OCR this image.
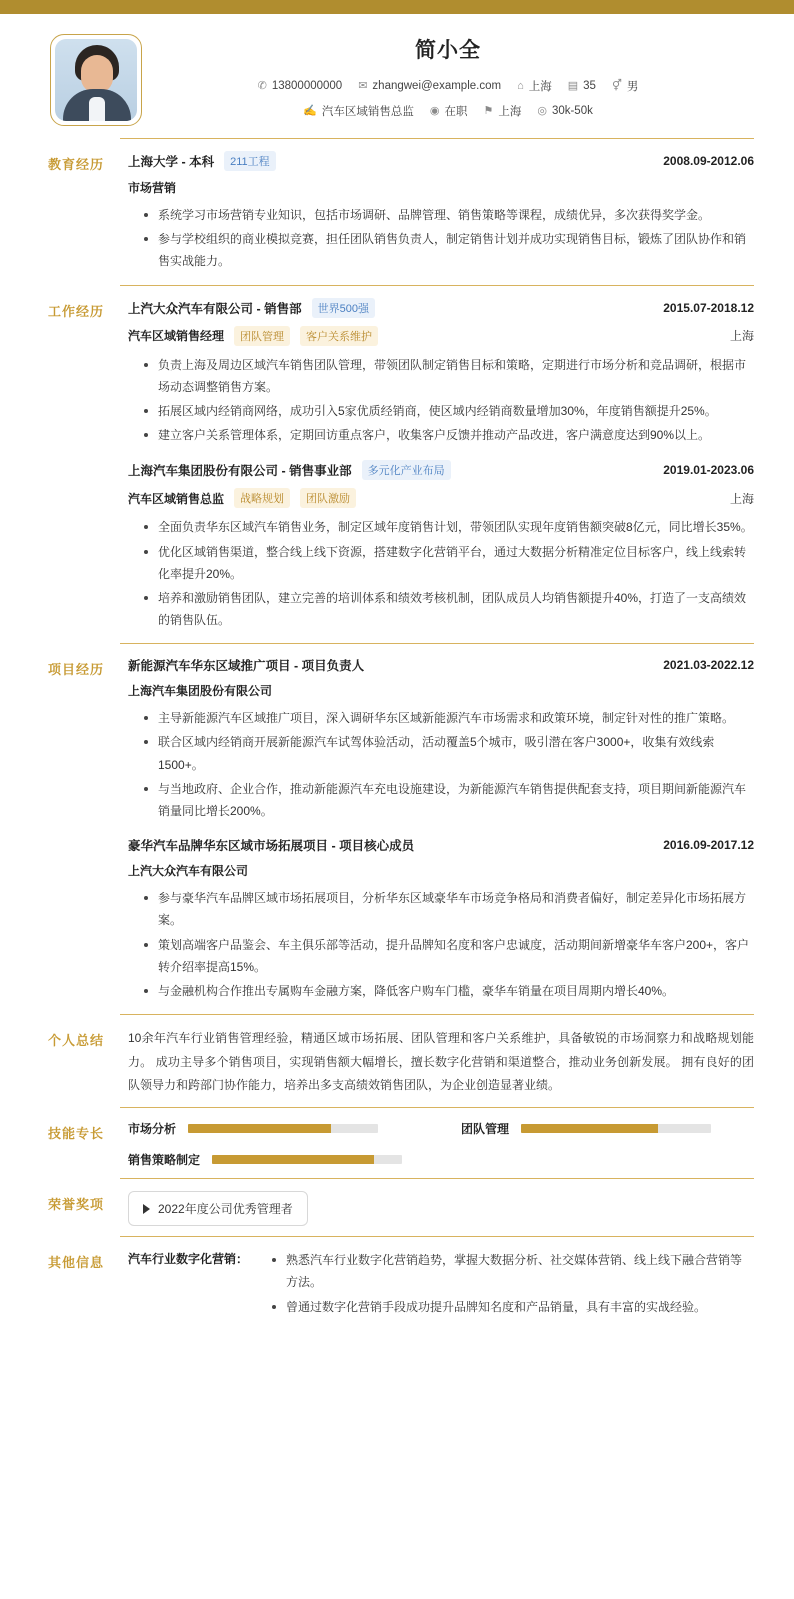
简小全
✆ 13800000000 ✉ zhangwei@example.com ⌂ 上海 ▤ 35 ⚥ 男
✍ 汽车区域销售总监 ◉ 在职 ⚑ 上海 ◎ 30k-50k
教育经历	上海大学 - 本科	211工程	2008.09-2012.06
市场营销
系统学习市场营销专业知识，包括市场调研、品牌管理、销售策略等课程，成绩优异，多次获得奖学金。
参与学校组织的商业模拟竞赛，担任团队销售负责人，制定销售计划并成功实现销售目标，锻炼了团队协作和销售实战能力。
工作经历	上汽大众汽车有限公司 - 销售部	世界500强	2015.07-2018.12
汽车区域销售经理	团队管理	客户关系维护	上海
负责上海及周边区域汽车销售团队管理，带领团队制定销售目标和策略，定期进行市场分析和竞品调研，根据市场动态调整销售方案。
拓展区域内经销商网络，成功引入5家优质经销商，使区域内经销商数量增加30%，年度销售额提升25%。
建立客户关系管理体系，定期回访重点客户，收集客户反馈并推动产品改进，客户满意度达到90%以上。
上海汽车集团股份有限公司 - 销售事业部	多元化产业布局	2019.01-2023.06
汽车区域销售总监	战略规划	团队激励	上海
全面负责华东区域汽车销售业务，制定区域年度销售计划，带领团队实现年度销售额突破8亿元，同比增长35%。
优化区域销售渠道，整合线上线下资源，搭建数字化营销平台，通过大数据分析精准定位目标客户，线上线索转化率提升20%。
培养和激励销售团队，建立完善的培训体系和绩效考核机制，团队成员人均销售额提升40%，打造了一支高绩效的销售队伍。
项目经历	新能源汽车华东区域推广项目 - 项目负责人	2021.03-2022.12
上海汽车集团股份有限公司
主导新能源汽车区域推广项目，深入调研华东区域新能源汽车市场需求和政策环境，制定针对性的推广策略。
联合区域内经销商开展新能源汽车试驾体验活动，活动覆盖5个城市，吸引潜在客户3000+，收集有效线索1500+。
与当地政府、企业合作，推动新能源汽车充电设施建设，为新能源汽车销售提供配套支持，项目期间新能源汽车销量同比增长200%。
豪华汽车品牌华东区域市场拓展项目 - 项目核心成员	2016.09-2017.12
上汽大众汽车有限公司
参与豪华汽车品牌区域市场拓展项目，分析华东区域豪华车市场竞争格局和消费者偏好，制定差异化市场拓展方案。
策划高端客户品鉴会、车主俱乐部等活动，提升品牌知名度和客户忠诚度，活动期间新增豪华车客户200+，客户转介绍率提高15%。
与金融机构合作推出专属购车金融方案，降低客户购车门槛，豪华车销量在项目周期内增长40%。
个人总结	10余年汽车行业销售管理经验，精通区域市场拓展、团队管理和客户关系维护，具备敏锐的市场洞察力和战略规划能力。 成功主导多个销售项目，实现销售额大幅增长，擅长数字化营销和渠道整合，推动业务创新发展。 拥有良好的团队领导力和跨部门协作能力，培养出多支高绩效销售团队，为企业创造显著业绩。
技能专长	市场分析	团队管理
销售策略制定
荣誉奖项	2022年度公司优秀管理者
其他信息	汽车行业数字化营销：	熟悉汽车行业数字化营销趋势，掌握大数据分析、社交媒体营销、线上线下融合营销等方法。
曾通过数字化营销手段成功提升品牌知名度和产品销量，具有丰富的实战经验。
